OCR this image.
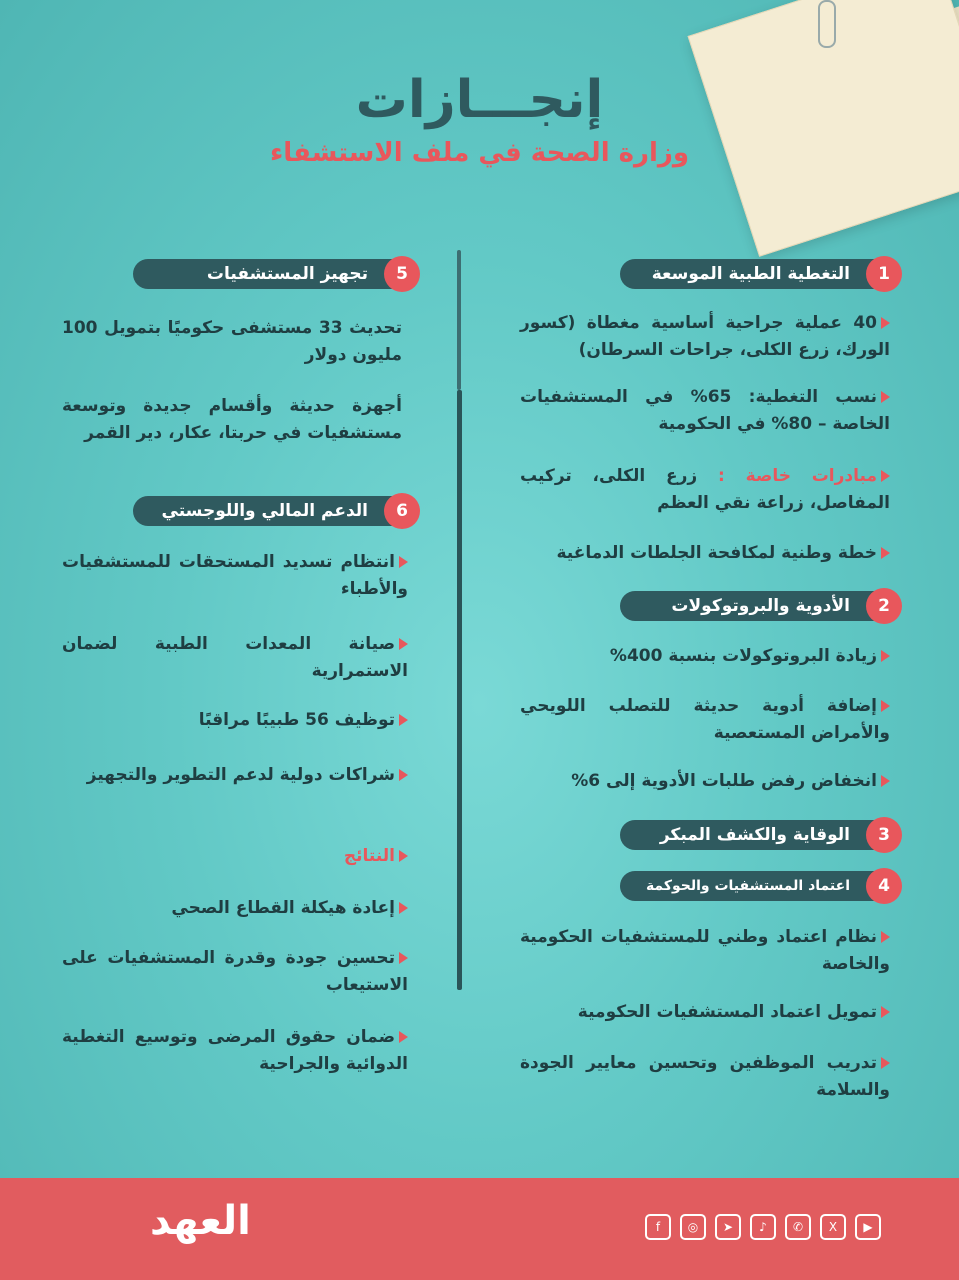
إنجـــازات
وزارة الصحة في ملف الاستشفاء
التغطية الطبية الموسعة	1
40 عملية جراحية أساسية مغطاة (كسور الورك، زرع الكلى، جراحات السرطان)
نسب التغطية: 65% في المستشفيات الخاصة – 80% في الحكومية
مبادرات خاصة : زرع الكلى، تركيب المفاصل، زراعة نقي العظم
خطة وطنية لمكافحة الجلطات الدماغية
الأدوية والبروتوكولات	2
زيادة البروتوكولات بنسبة 400%
إضافة أدوية حديثة للتصلب اللويحي والأمراض المستعصية
انخفاض رفض طلبات الأدوية إلى 6%
الوقاية والكشف المبكر	3
اعتماد المستشفيات والحوكمة	4
نظام اعتماد وطني للمستشفيات الحكومية والخاصة
تمويل اعتماد المستشفيات الحكومية
تدريب الموظفين وتحسين معايير الجودة والسلامة
تجهيز المستشفيات	5
تحديث 33 مستشفى حكوميًا بتمويل 100 مليون دولار
أجهزة حديثة وأقسام جديدة وتوسعة مستشفيات في حربتا، عكار، دير القمر
الدعم المالي واللوجستي	6
انتظام تسديد المستحقات للمستشفيات والأطباء
صيانة المعدات الطبية لضمان الاستمرارية
توظيف 56 طبيبًا مراقبًا
شراكات دولية لدعم التطوير والتجهيز
النتائج
إعادة هيكلة القطاع الصحي
تحسين جودة وقدرة المستشفيات على الاستيعاب
ضمان حقوق المرضى وتوسيع التغطية الدوائية والجراحية
العهد	f	◎	➤	♪	✆	X	▶
